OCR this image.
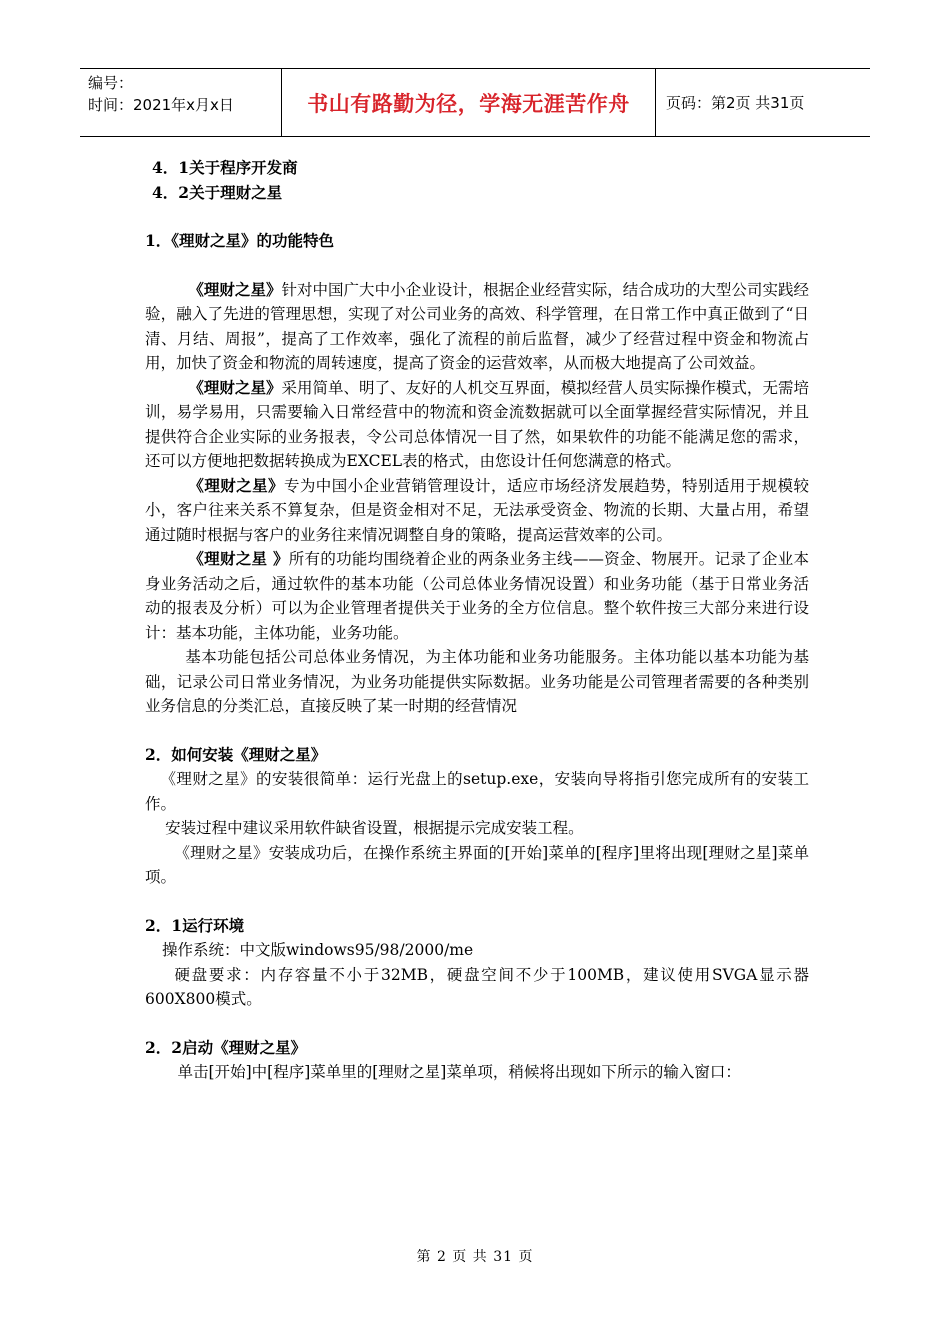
编号：
时间：2021年x月x日	书山有路勤为径，学海无涯苦作舟	页码：第2页 共31页

4．1关于程序开发商

4．2关于理财之星

1．《理财之星》的功能特色

《理财之星》针对中国广大中小企业设计，根据企业经营实际，结合成功的大型公司实践经验，融入了先进的管理思想，实现了对公司业务的高效、科学管理，在日常工作中真正做到了“日清、月结、周报”，提高了工作效率，强化了流程的前后监督，减少了经营过程中资金和物流占用，加快了资金和物流的周转速度，提高了资金的运营效率，从而极大地提高了公司效益。

《理财之星》采用简单、明了、友好的人机交互界面，模拟经营人员实际操作模式，无需培训，易学易用，只需要输入日常经营中的物流和资金流数据就可以全面掌握经营实际情况，并且提供符合企业实际的业务报表，令公司总体情况一目了然，如果软件的功能不能满足您的需求，还可以方便地把数据转换成为EXCEL表的格式，由您设计任何您满意的格式。

《理财之星》专为中国小企业营销管理设计，适应市场经济发展趋势，特别适用于规模较小，客户往来关系不算复杂，但是资金相对不足，无法承受资金、物流的长期、大量占用，希望通过随时根据与客户的业务往来情况调整自身的策略，提高运营效率的公司。

《理财之星 》所有的功能均围绕着企业的两条业务主线——资金、物展开。记录了企业本身业务活动之后，通过软件的基本功能（公司总体业务情况设置）和业务功能（基于日常业务活动的报表及分析）可以为企业管理者提供关于业务的全方位信息。整个软件按三大部分来进行设计：基本功能，主体功能，业务功能。

基本功能包括公司总体业务情况，为主体功能和业务功能服务。主体功能以基本功能为基础，记录公司日常业务情况，为业务功能提供实际数据。业务功能是公司管理者需要的各种类别业务信息的分类汇总，直接反映了某一时期的经营情况

2．如何安装《理财之星》

《理财之星》的安装很简单：运行光盘上的setup.exe，安装向导将指引您完成所有的安装工作。

安装过程中建议采用软件缺省设置，根据提示完成安装工程。

《理财之星》安装成功后，在操作系统主界面的[开始]菜单的[程序]里将出现[理财之星]菜单项。

2．1运行环境

操作系统：中文版windows95/98/2000/me

硬盘要求：内存容量不小于32MB，硬盘空间不少于100MB，建议使用SVGA显示器600X800模式。

2．2启动《理财之星》

单击[开始]中[程序]菜单里的[理财之星]菜单项，稍候将出现如下所示的输入窗口：

第 2 页 共 31 页
